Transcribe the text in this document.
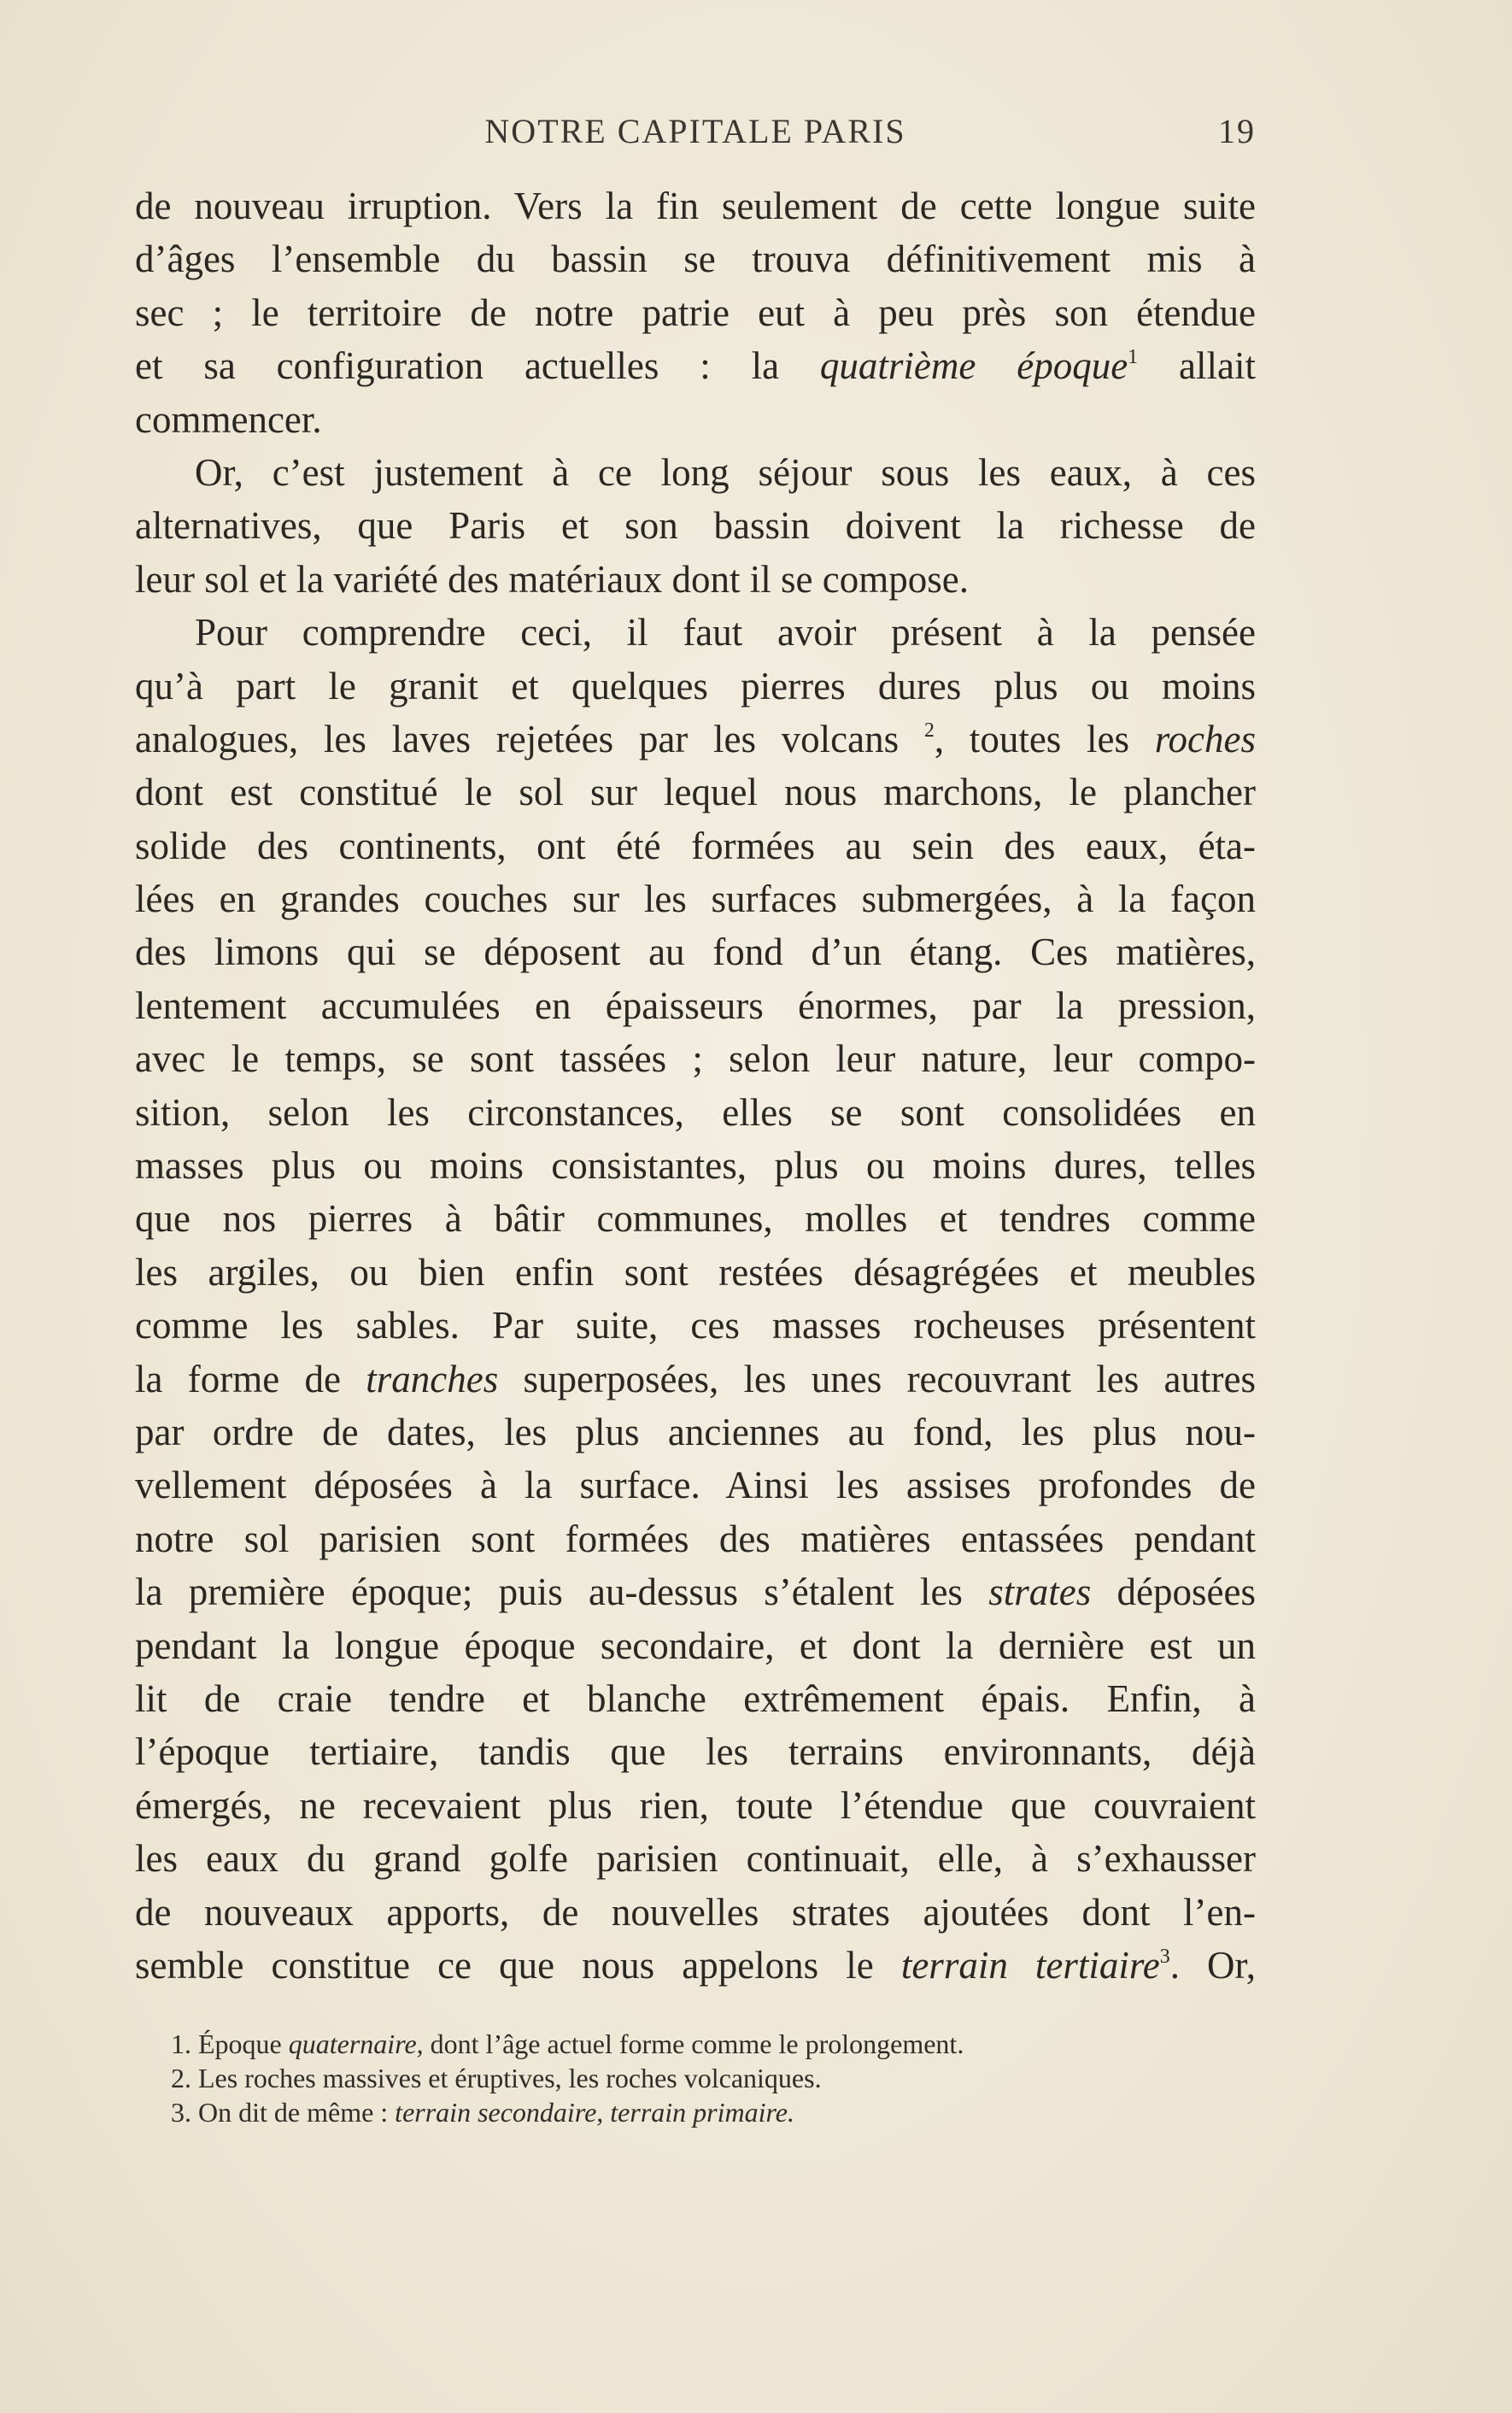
NOTRE CAPITALE PARIS	19
de nouveau irruption. Vers la fin seulement de cette longue suite
d’âges l’ensemble du bassin se trouva définitivement mis à
sec ; le territoire de notre patrie eut à peu près son étendue
et sa configuration actuelles : la quatrième époque$^1$ allait
commencer.
Or, c’est justement à ce long séjour sous les eaux, à ces
alternatives, que Paris et son bassin doivent la richesse de
leur sol et la variété des matériaux dont il se compose.
Pour comprendre ceci, il faut avoir présent à la pensée
qu’à part le granit et quelques pierres dures plus ou moins
analogues, les laves rejetées par les volcans $^2$, toutes les roches
dont est constitué le sol sur lequel nous marchons, le plancher
solide des continents, ont été formées au sein des eaux, éta-
lées en grandes couches sur les surfaces submergées, à la façon
des limons qui se déposent au fond d’un étang. Ces matières,
lentement accumulées en épaisseurs énormes, par la pression,
avec le temps, se sont tassées ; selon leur nature, leur compo-
sition, selon les circonstances, elles se sont consolidées en
masses plus ou moins consistantes, plus ou moins dures, telles
que nos pierres à bâtir communes, molles et tendres comme
les argiles, ou bien enfin sont restées désagrégées et meubles
comme les sables. Par suite, ces masses rocheuses présentent
la forme de tranches superposées, les unes recouvrant les autres
par ordre de dates, les plus anciennes au fond, les plus nou-
vellement déposées à la surface. Ainsi les assises profondes de
notre sol parisien sont formées des matières entassées pendant
la première époque; puis au-dessus s’étalent les strates déposées
pendant la longue époque secondaire, et dont la dernière est un
lit de craie tendre et blanche extrêmement épais. Enfin, à
l’époque tertiaire, tandis que les terrains environnants, déjà
émergés, ne recevaient plus rien, toute l’étendue que couvraient
les eaux du grand golfe parisien continuait, elle, à s’exhausser
de nouveaux apports, de nouvelles strates ajoutées dont l’en-
semble constitue ce que nous appelons le terrain tertiaire$^3$. Or,
1. Époque quaternaire, dont l’âge actuel forme comme le prolongement.
2. Les roches massives et éruptives, les roches volcaniques.
3. On dit de même : terrain secondaire, terrain primaire.
